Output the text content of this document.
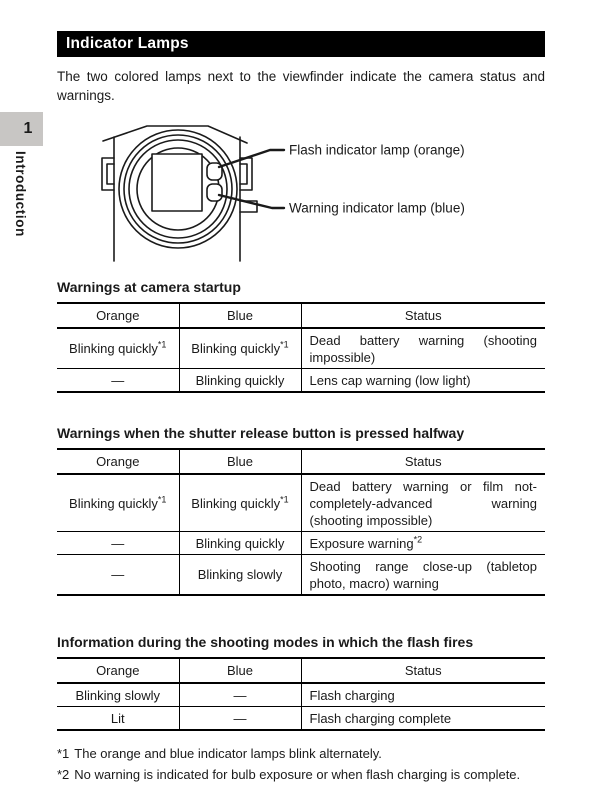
1
Introduction
Indicator Lamps

The two colored lamps next to the viewfinder indicate the camera status and warnings.

Flash indicator lamp (orange)
Warning indicator lamp (blue)
Warnings at camera startup
Orange	Blue	Status
Blinking quickly$^{*1}$	Blinking quickly$^{*1}$	Dead battery warning (shooting impossible)
—	Blinking quickly	Lens cap warning (low light)
Warnings when the shutter release button is pressed halfway
Orange	Blue	Status
Blinking quickly$^{*1}$	Blinking quickly$^{*1}$	Dead battery warning or film not-completely-advanced warning (shooting impossible)
—	Blinking quickly	Exposure warning$^{*2}$
—	Blinking slowly	Shooting range close-up (tabletop photo, macro) warning
Information during the shooting modes in which the flash fires
Orange	Blue	Status
Blinking slowly	—	Flash charging
Lit	—	Flash charging complete

*1 The orange and blue indicator lamps blink alternately.

*2 No warning is indicated for bulb exposure or when flash charging is complete.
